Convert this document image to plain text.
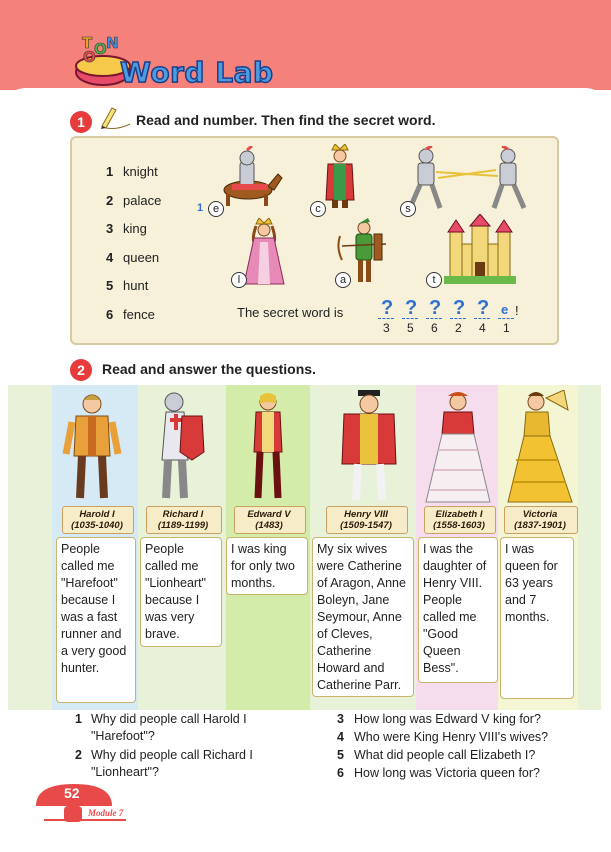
T O
O
N
Word Lab
1	Read and number. Then find the secret word.
1 knight
2 palace
3 king
4 queen
5 hunt
6 fence
1 e	c	s
l	a	t
The secret word is ? ? ? ? ? e !
3 5 6 2 4 1
2	Read and answer the questions.
Harold I
(1035-1040)
Richard I
(1189-1199)
Edward V
(1483)
Henry VIII
(1509-1547)
Elizabeth I
(1558-1603)
Victoria
(1837-1901)
People called me "Harefoot" because I was a fast runner and a very good hunter.
People called me "Lionheart" because I was very brave.
I was king for only two months.
My six wives were Catherine of Aragon, Anne Boleyn, Jane Seymour, Anne of Cleves, Catherine Howard and Catherine Parr.
I was the daughter of Henry VIII. People called me "Good Queen Bess".
I was queen for 63 years and 7 months.
1 Why did people call Harold I "Harefoot"?
2 Why did people call Richard I "Lionheart"?
3 How long was Edward V king for?
4 Who were King Henry VIII's wives?
5 What did people call Elizabeth I?
6 How long was Victoria queen for?
52
Module 7
